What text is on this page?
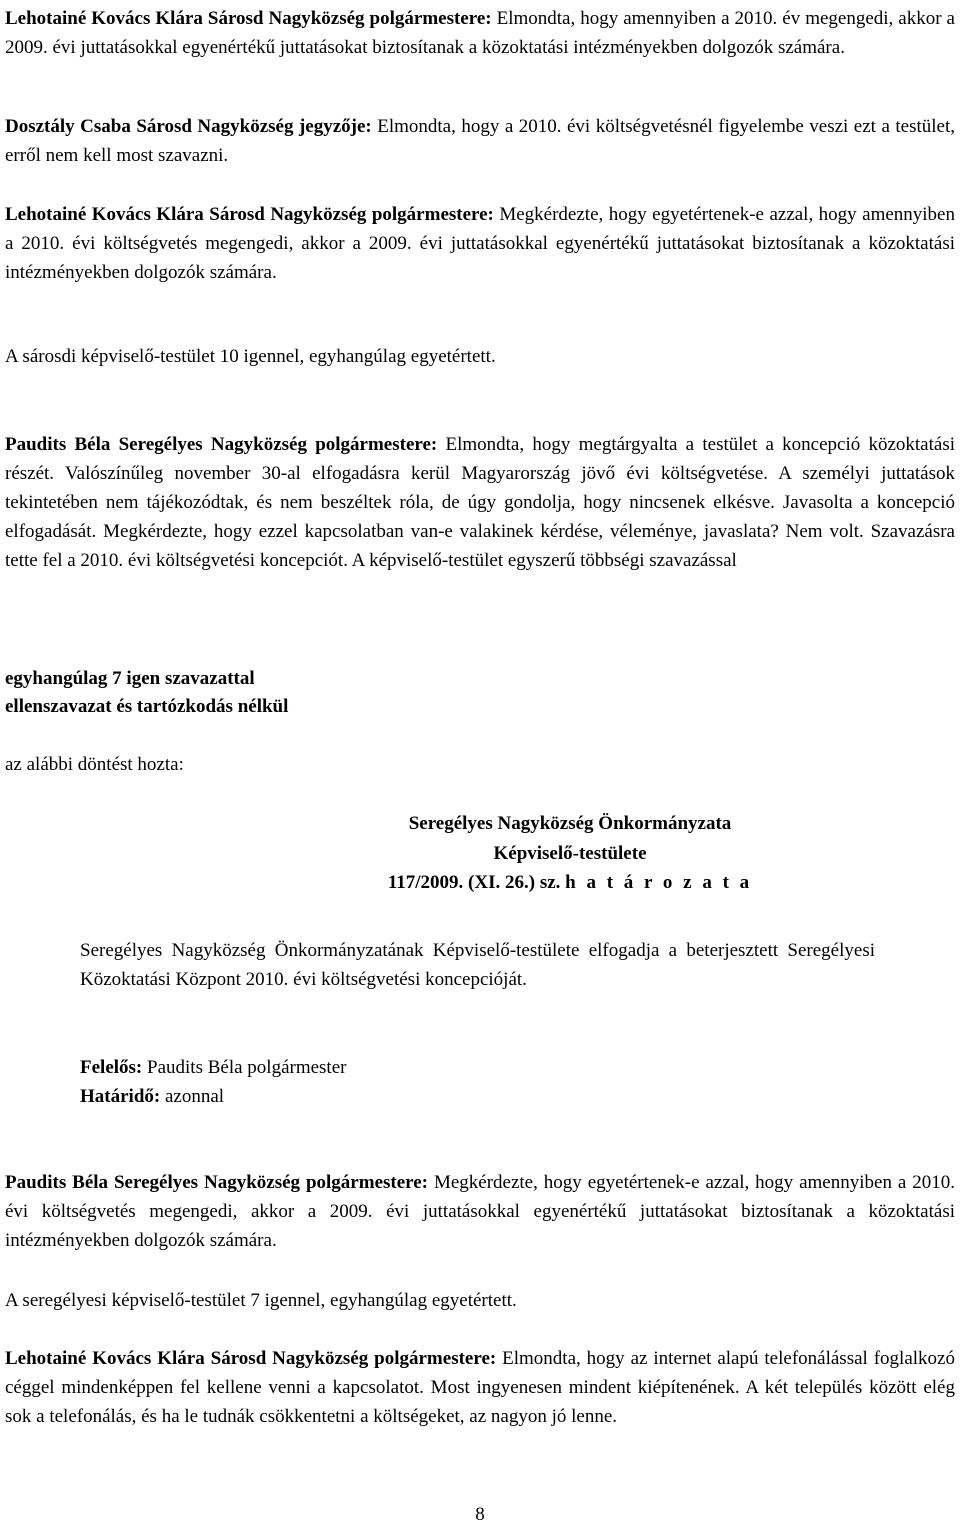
Lehotainé Kovács Klára Sárosd Nagyközség polgármestere: Elmondta, hogy amennyiben a 2010. év megengedi, akkor a 2009. évi juttatásokkal egyenértékű juttatásokat biztosítanak a közoktatási intézményekben dolgozók számára.

Dosztály Csaba Sárosd Nagyközség jegyzője: Elmondta, hogy a 2010. évi költségvetésnél figyelembe veszi ezt a testület, erről nem kell most szavazni.

Lehotainé Kovács Klára Sárosd Nagyközség polgármestere: Megkérdezte, hogy egyetértenek-e azzal, hogy amennyiben a 2010. évi költségvetés megengedi, akkor a 2009. évi juttatásokkal egyenértékű juttatásokat biztosítanak a közoktatási intézményekben dolgozók számára.

A sárosdi képviselő-testület 10 igennel, egyhangúlag egyetértett.

Paudits Béla Seregélyes Nagyközség polgármestere: Elmondta, hogy megtárgyalta a testület a koncepció közoktatási részét. Valószínűleg november 30-al elfogadásra kerül Magyarország jövő évi költségvetése. A személyi juttatások tekintetében nem tájékozódtak, és nem beszéltek róla, de úgy gondolja, hogy nincsenek elkésve. Javasolta a koncepció elfogadását. Megkérdezte, hogy ezzel kapcsolatban van-e valakinek kérdése, véleménye, javaslata? Nem volt. Szavazásra tette fel a 2010. évi költségvetési koncepciót. A képviselő-testület egyszerű többségi szavazással

egyhangúlag 7 igen szavazattal

ellenszavazat és tartózkodás nélkül

az alábbi döntést hozta:

Seregélyes Nagyközség Önkormányzata

Képviselő-testülete

117/2009. (XI. 26.) sz. h a t á r o z a t a

Seregélyes Nagyközség Önkormányzatának Képviselő-testülete elfogadja a beterjesztett Seregélyesi Közoktatási Központ 2010. évi költségvetési koncepcióját.

Felelős: Paudits Béla polgármester

Határidő: azonnal

Paudits Béla Seregélyes Nagyközség polgármestere: Megkérdezte, hogy egyetértenek-e azzal, hogy amennyiben a 2010. évi költségvetés megengedi, akkor a 2009. évi juttatásokkal egyenértékű juttatásokat biztosítanak a közoktatási intézményekben dolgozók számára.

A seregélyesi képviselő-testület 7 igennel, egyhangúlag egyetértett.

Lehotainé Kovács Klára Sárosd Nagyközség polgármestere: Elmondta, hogy az internet alapú telefonálással foglalkozó céggel mindenképpen fel kellene venni a kapcsolatot. Most ingyenesen mindent kiépítenének. A két település között elég sok a telefonálás, és ha le tudnák csökkentetni a költségeket, az nagyon jó lenne.

8
